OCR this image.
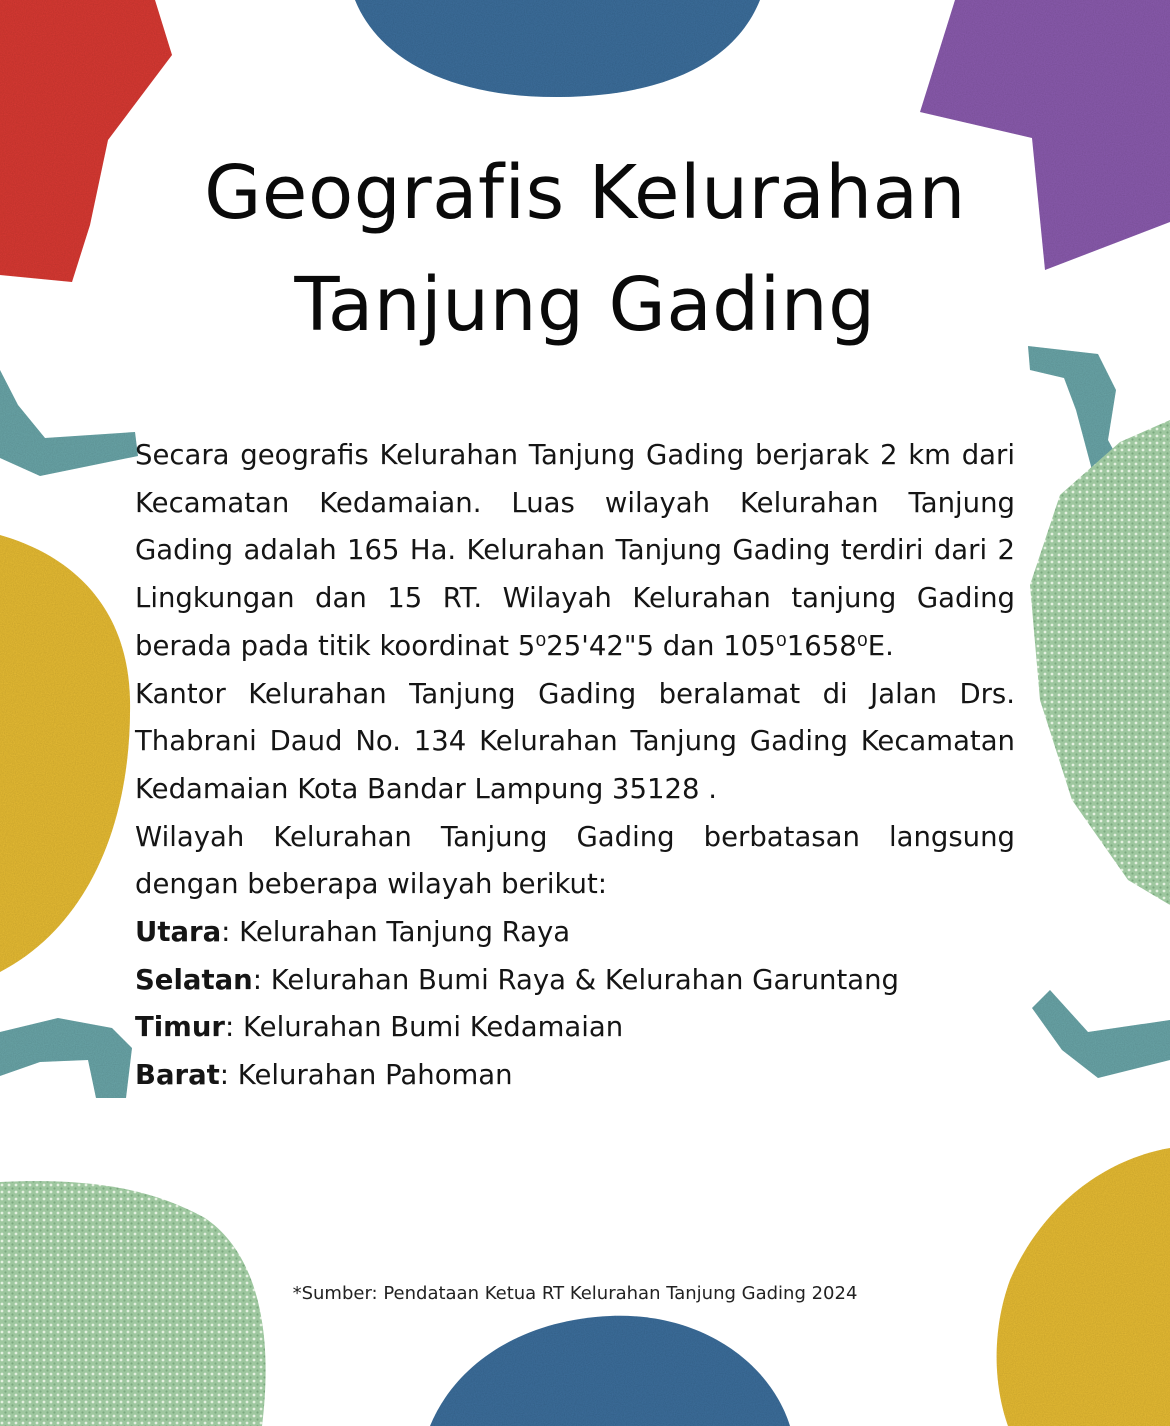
Geografis Kelurahan
Tanjung Gading

Secara geografis Kelurahan Tanjung Gading berjarak 2 km dari Kecamatan Kedamaian. Luas wilayah Kelurahan Tanjung Gading adalah 165 Ha. Kelurahan Tanjung Gading terdiri dari 2 Lingkungan dan 15 RT. Wilayah Kelurahan tanjung Gading berada pada titik koordinat 5⁰25'42"5 dan 105⁰1658⁰E.

Kantor Kelurahan Tanjung Gading beralamat di Jalan Drs. Thabrani Daud No. 134 Kelurahan Tanjung Gading Kecamatan Kedamaian Kota Bandar Lampung 35128 .

Wilayah Kelurahan Tanjung Gading berbatasan langsung dengan beberapa wilayah berikut:

Utara: Kelurahan Tanjung Raya

Selatan: Kelurahan Bumi Raya & Kelurahan Garuntang

Timur: Kelurahan Bumi Kedamaian

Barat: Kelurahan Pahoman

*Sumber: Pendataan Ketua RT Kelurahan Tanjung Gading 2024
